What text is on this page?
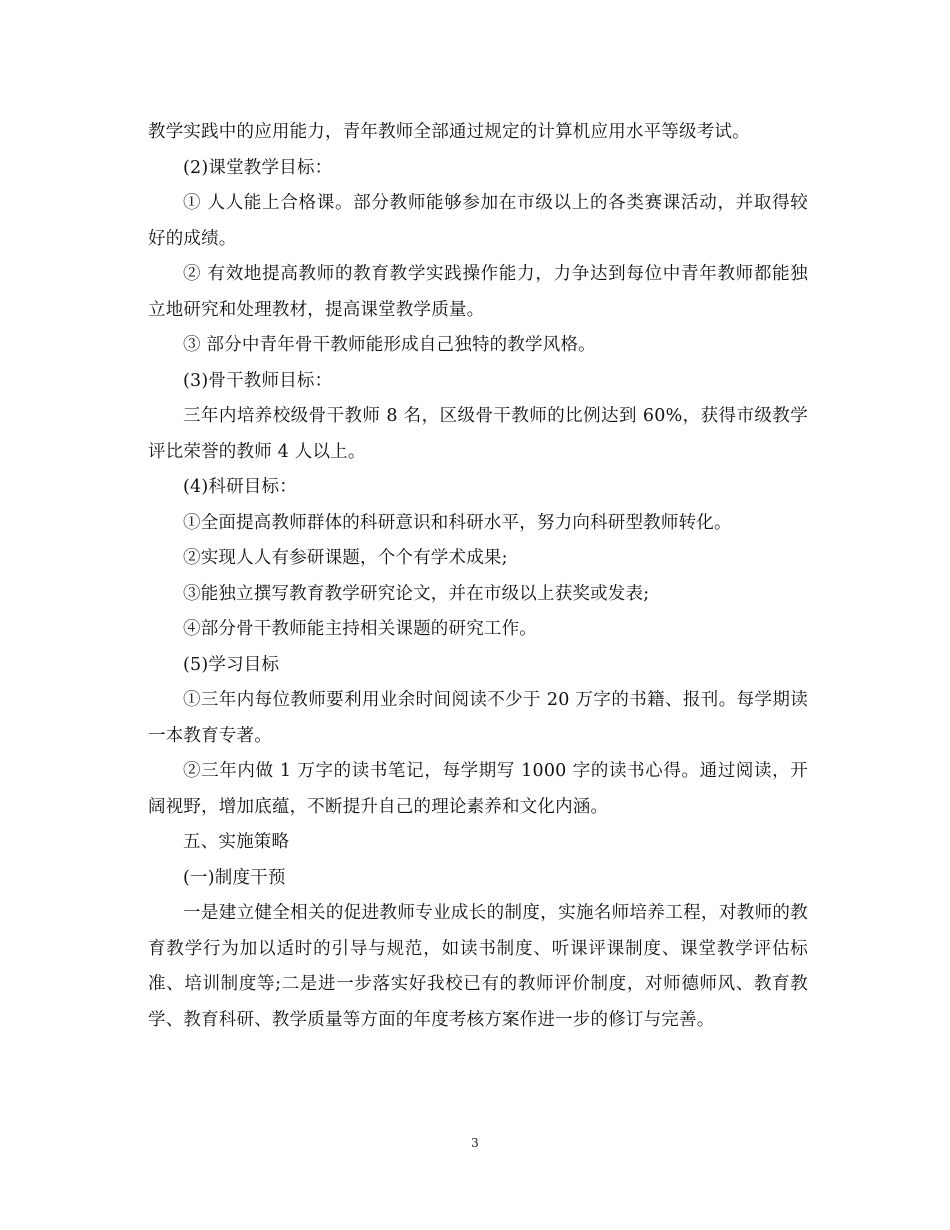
教学实践中的应用能力，青年教师全部通过规定的计算机应用水平等级考试。

(2)课堂教学目标：

① 人人能上合格课。部分教师能够参加在市级以上的各类赛课活动，并取得较好的成绩。

② 有效地提高教师的教育教学实践操作能力，力争达到每位中青年教师都能独立地研究和处理教材，提高课堂教学质量。

③ 部分中青年骨干教师能形成自己独特的教学风格。

(3)骨干教师目标：

三年内培养校级骨干教师 8 名，区级骨干教师的比例达到 60%，获得市级教学评比荣誉的教师 4 人以上。

(4)科研目标：

①全面提高教师群体的科研意识和科研水平，努力向科研型教师转化。

②实现人人有参研课题，个个有学术成果;

③能独立撰写教育教学研究论文，并在市级以上获奖或发表;

④部分骨干教师能主持相关课题的研究工作。

(5)学习目标

①三年内每位教师要利用业余时间阅读不少于 20 万字的书籍、报刊。每学期读一本教育专著。

②三年内做 1 万字的读书笔记，每学期写 1000 字的读书心得。通过阅读，开阔视野，增加底蕴，不断提升自己的理论素养和文化内涵。

五、实施策略

(一)制度干预

一是建立健全相关的促进教师专业成长的制度，实施名师培养工程，对教师的教育教学行为加以适时的引导与规范，如读书制度、听课评课制度、课堂教学评估标准、培训制度等;二是进一步落实好我校已有的教师评价制度，对师德师风、教育教学、教育科研、教学质量等方面的年度考核方案作进一步的修订与完善。

3
